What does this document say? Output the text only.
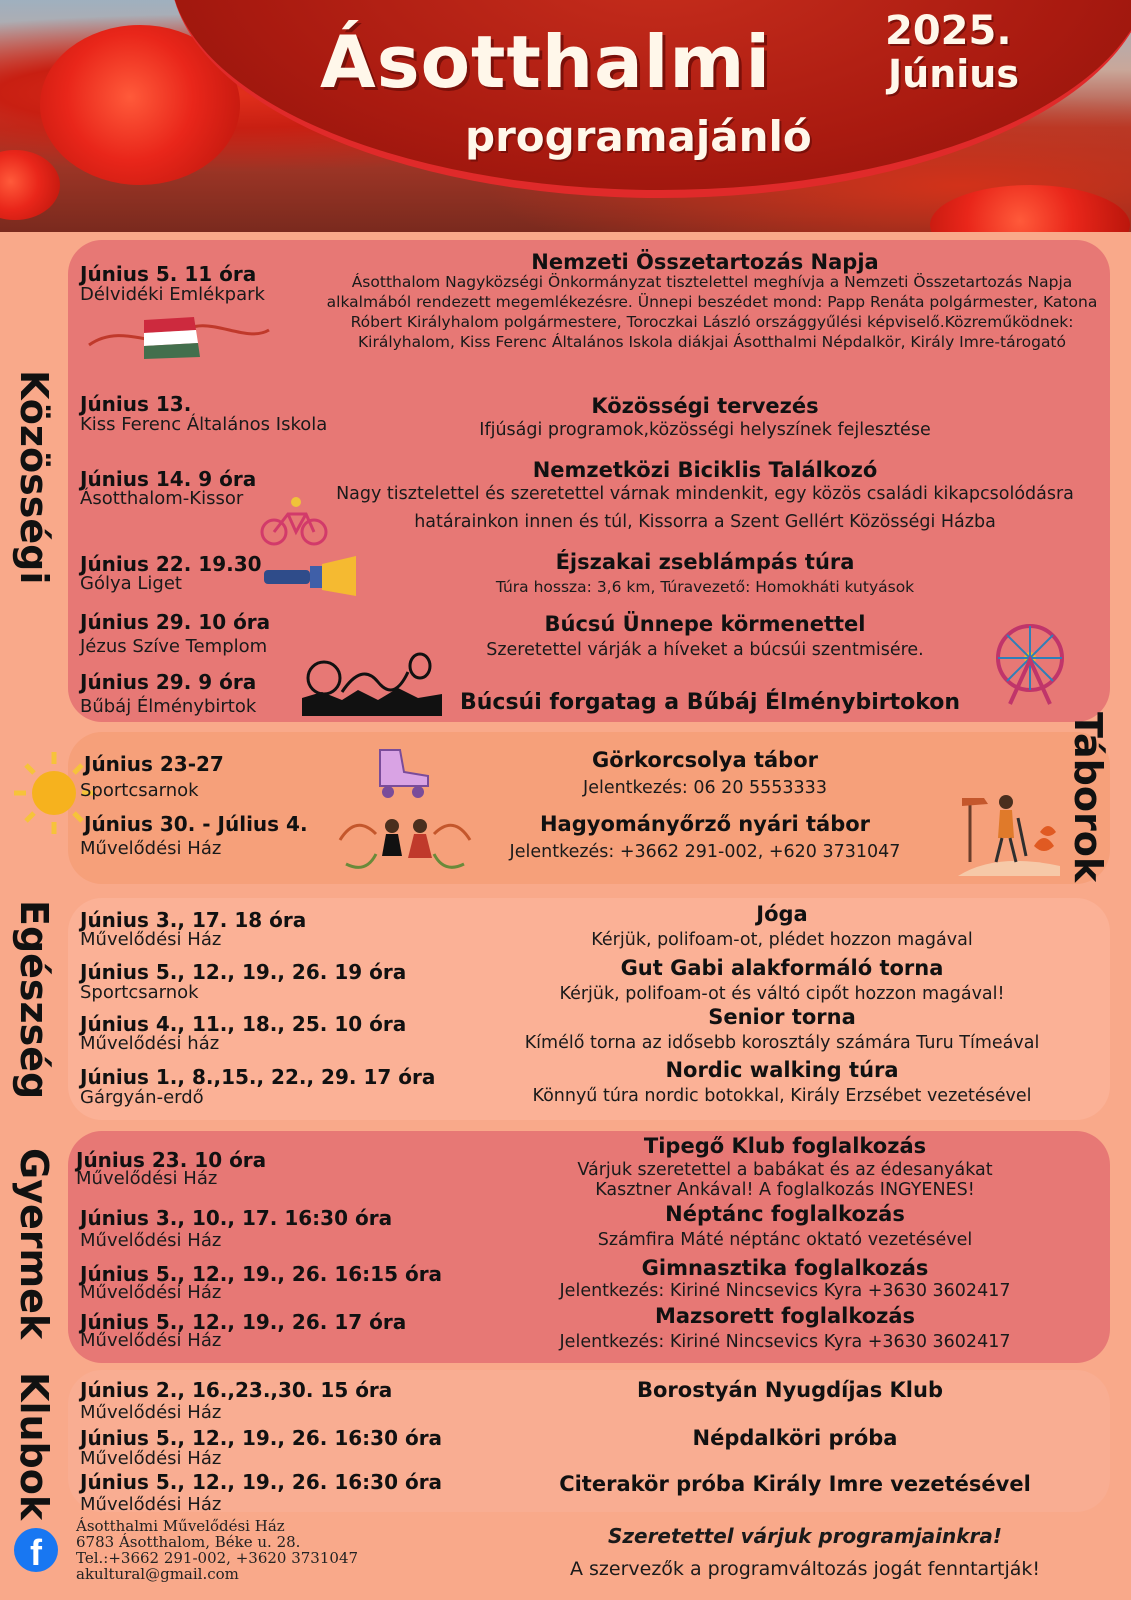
Ásotthalmi
programajánló
2025.
Június
Közösségi
Táborok
Egészség
Gyermek
Klubok
Június 5. 11 óra
Délvidéki Emlékpark
Nemzeti Összetartozás Napja
Ásotthalom Nagyközségi Önkormányzat tisztelettel meghívja a Nemzeti Összetartozás Napja alkalmából rendezett megemlékezésre. Ünnepi beszédet mond: Papp Renáta polgármester, Katona Róbert Királyhalom polgármestere, Toroczkai László országgyűlési képviselő.Közreműködnek: Királyhalom, Kiss Ferenc Általános Iskola diákjai Ásotthalmi Népdalkör, Király Imre-tárogató
Június 13.
Kiss Ferenc Általános Iskola
Közösségi tervezés
Ifjúsági programok,közösségi helyszínek fejlesztése
Június 14. 9 óra
Ásotthalom-Kissor
Nemzetközi Biciklis Találkozó
Nagy tisztelettel és szeretettel várnak mindenkit, egy közös családi kikapcsolódásra
határainkon innen és túl, Kissorra a Szent Gellért Közösségi Házba
Június 22. 19.30
Gólya Liget
Éjszakai zseblámpás túra
Túra hossza: 3,6 km, Túravezető: Homokháti kutyások
Június 29. 10 óra
Jézus Szíve Templom
Búcsú Ünnepe körmenettel
Szeretettel várják a híveket a búcsúi szentmisére.
Június 29. 9 óra
Bűbáj Élménybirtok	Búcsúi forgatag a Bűbáj Élménybirtokon
Június 23-27
Sportcsarnok
Görkorcsolya tábor
Jelentkezés: 06 20 5553333
Június 30. - Július 4.
Művelődési Ház
Hagyományőrző nyári tábor
Jelentkezés: +3662 291-002, +620 3731047
Június 3., 17. 18 óra
Művelődési Ház
Jóga
Kérjük, polifoam-ot, plédet hozzon magával
Június 5., 12., 19., 26. 19 óra
Sportcsarnok
Gut Gabi alakformáló torna
Kérjük, polifoam-ot és váltó cipőt hozzon magával!
Június 4., 11., 18., 25. 10 óra
Művelődési ház
Senior torna
Kímélő torna az idősebb korosztály számára Turu Tímeával
Június 1., 8.,15., 22., 29. 17 óra
Gárgyán-erdő
Nordic walking túra
Könnyű túra nordic botokkal, Király Erzsébet vezetésével
Június 23. 10 óra
Művelődési Ház
Tipegő Klub foglalkozás
Várjuk szeretettel a babákat és az édesanyákat
Kasztner Ankával! A foglalkozás INGYENES!
Június 3., 10., 17. 16:30 óra
Művelődési Ház
Néptánc foglalkozás
Számfira Máté néptánc oktató vezetésével
Június 5., 12., 19., 26. 16:15 óra
Művelődési Ház
Gimnasztika foglalkozás
Jelentkezés: Kiriné Nincsevics Kyra +3630 3602417
Június 5., 12., 19., 26. 17 óra
Művelődési Ház
Mazsorett foglalkozás
Jelentkezés: Kiriné Nincsevics Kyra +3630 3602417
Június 2., 16.,23.,30. 15 óra
Művelődési Ház
Borostyán Nyugdíjas Klub
Június 5., 12., 19., 26. 16:30 óra
Művelődési Ház
Népdalköri próba
Június 5., 12., 19., 26. 16:30 óra
Művelődési Ház
Citerakör próba Király Imre vezetésével
f
Ásotthalmi Művelődési Ház
6783 Ásotthalom, Béke u. 28.
Tel.:+3662 291-002, +3620 3731047
akultural@gmail.com
Szeretettel várjuk programjainkra!
A szervezők a programváltozás jogát fenntartják!
